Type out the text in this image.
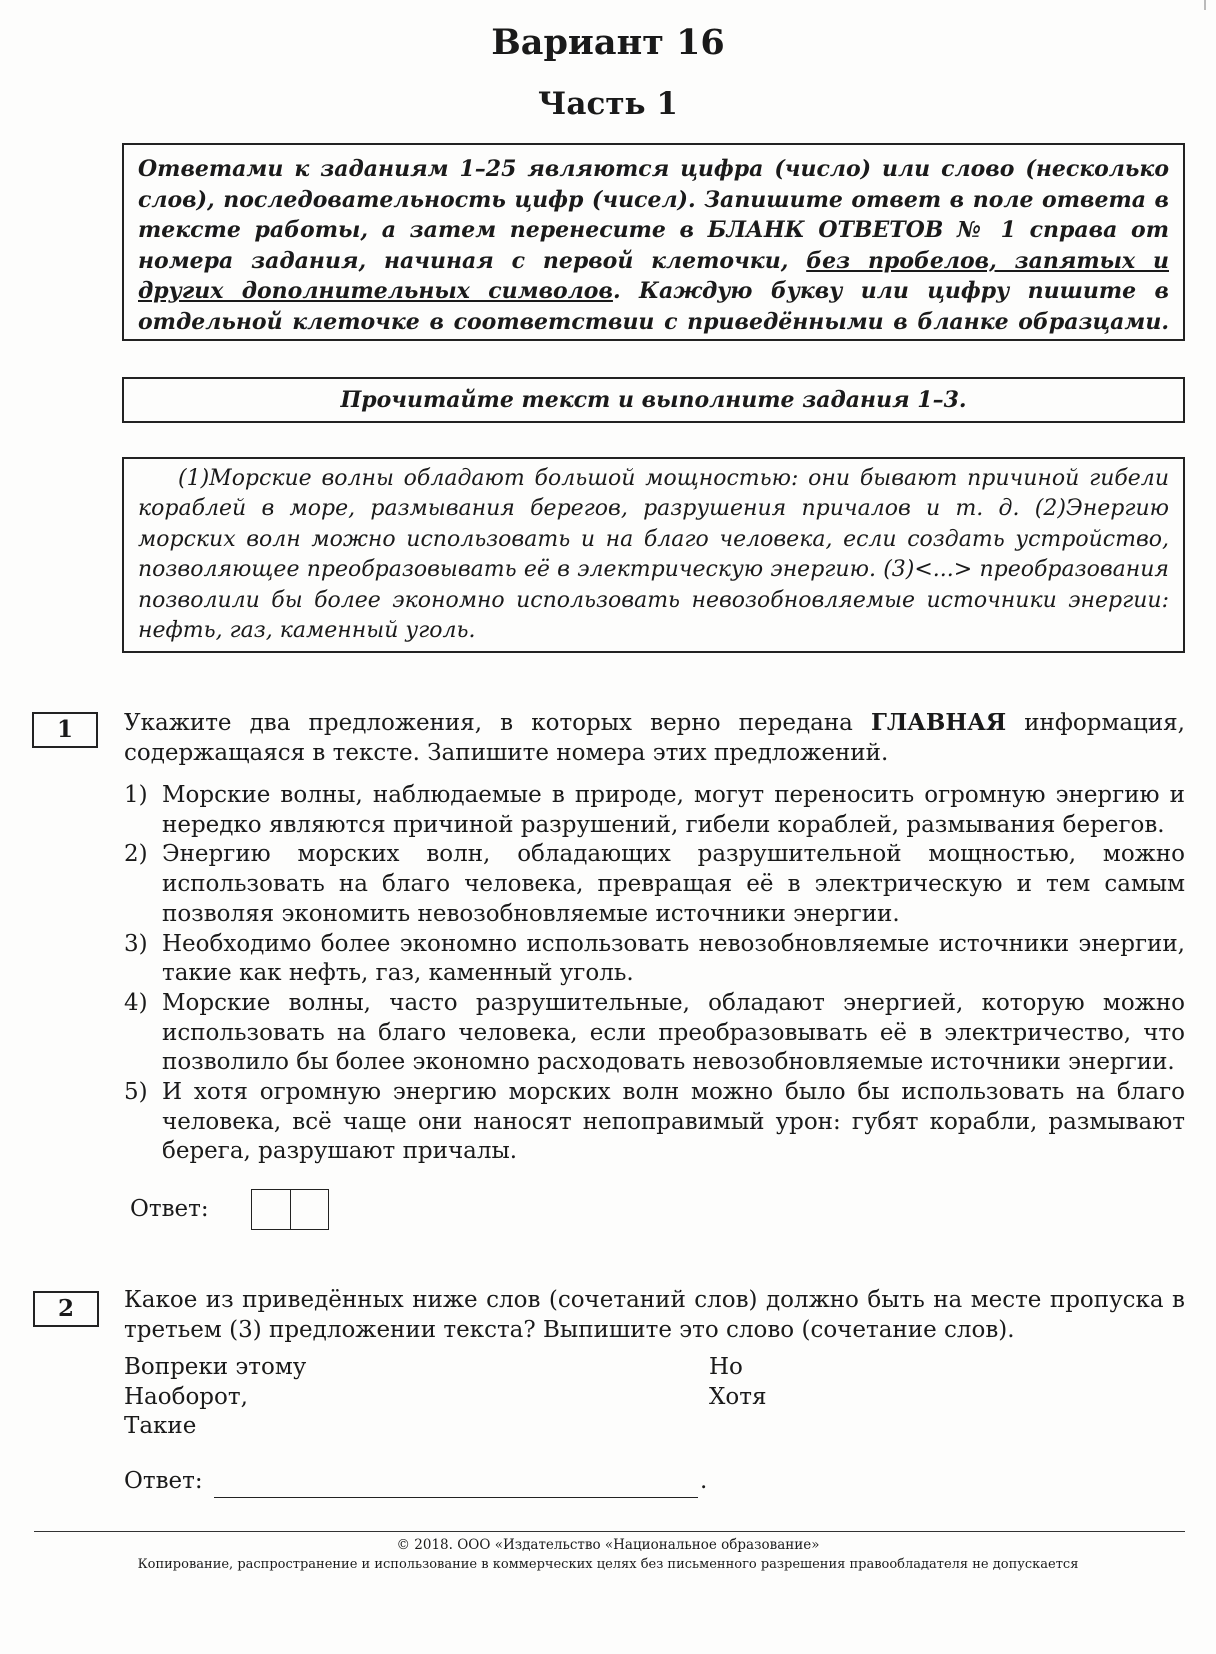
Вариант 16
Часть 1

Ответами к заданиям 1–25 являются цифра (число) или слово (несколько слов), последовательность цифр (чисел). Запишите ответ в поле ответа в тексте работы, а затем перенесите в БЛАНК ОТВЕТОВ № 1 справа от номера задания, начиная с первой клеточки, без пробелов, запятых и других дополнительных символов. Каждую букву или цифру пишите в отдельной клеточке в соответствии с приведёнными в бланке образцами.

Прочитайте текст и выполните задания 1–3.

(1)Морские волны обладают большой мощностью: они бывают причиной гибели кораблей в море, размывания берегов, разрушения причалов и т. д. (2)Энергию морских волн можно использовать и на благо человека, если создать устройство, позволяющее преобразовывать её в электрическую энергию. (3)<...> преобразования позволили бы более экономно использовать невозобновляемые источники энергии: нефть, газ, каменный уголь.

1	Укажите два предложения, в которых верно передана ГЛАВНАЯ информация, содержащаяся в тексте. Запишите номера этих предложений.
1) Морские волны, наблюдаемые в природе, могут переносить огромную энергию и нередко являются причиной разрушений, гибели кораблей, размывания берегов.
2) Энергию морских волн, обладающих разрушительной мощностью, можно использовать на благо человека, превращая её в электрическую и тем самым позволяя экономить невозобновляемые источники энергии.
3) Необходимо более экономно использовать невозобновляемые источники энергии, такие как нефть, газ, каменный уголь.
4) Морские волны, часто разрушительные, обладают энергией, которую можно использовать на благо человека, если преобразовывать её в электричество, что позволило бы более экономно расходовать невозобновляемые источники энергии.
5) И хотя огромную энергию морских волн можно было бы использовать на благо человека, всё чаще они наносят непоправимый урон: губят корабли, размывают берега, разрушают причалы.
Ответ:
2	Какое из приведённых ниже слов (сочетаний слов) должно быть на месте пропуска в третьем (3) предложении текста? Выпишите это слово (сочетание слов).
Вопреки этому
Наоборот,
Такие
Но
Хотя
Ответ:	.
© 2018. ООО «Издательство «Национальное образование»
Копирование, распространение и использование в коммерческих целях без письменного разрешения правообладателя не допускается
